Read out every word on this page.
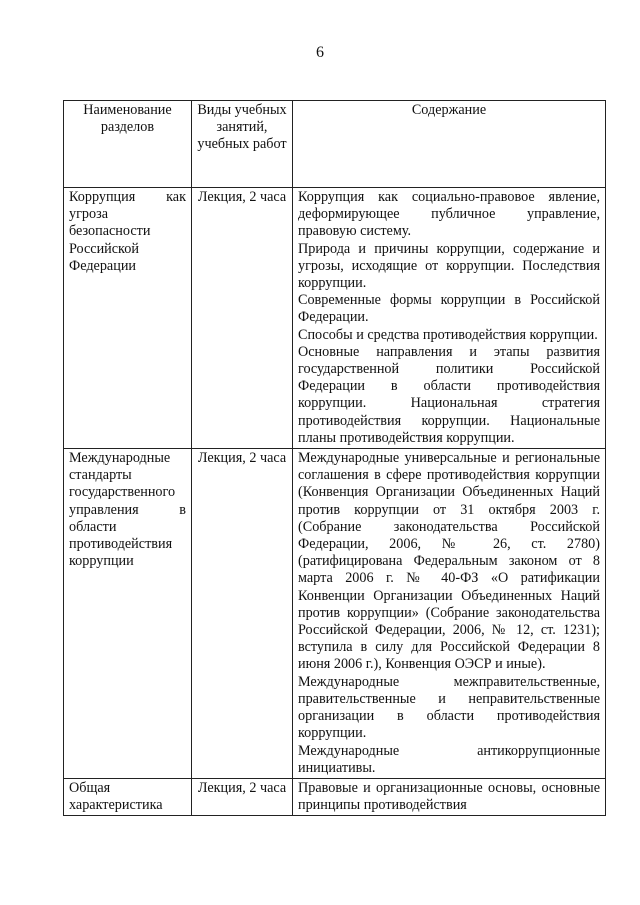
6
Наименование разделов	Виды учебных занятий, учебных работ	Содержание
Коррупция как угроза безопасности Российской Федерации	Лекция, 2 часа	Коррупция как социально-правовое явление, деформирующее публичное управление, правовую систему.

Природа и причины коррупции, содержание и угрозы, исходящие от коррупции. Последствия коррупции.

Современные формы коррупции в Российской Федерации.

Способы и средства противодействия коррупции.

Основные направления и этапы развития государственной политики Российской Федерации в области противодействия коррупции. Национальная стратегия противодействия коррупции. Национальные планы противодействия коррупции.

Международные стандарты государственного управления в области противодействия коррупции	Лекция, 2 часа	Международные универсальные и региональные соглашения в сфере противодействия коррупции (Конвенция Организации Объединенных Наций против коррупции от 31 октября 2003 г. (Собрание законодательства Российской Федерации, 2006, № 26, ст. 2780) (ратифицирована Федеральным законом от 8 марта 2006 г. № 40-ФЗ «О ратификации Конвенции Организации Объединенных Наций против коррупции» (Собрание законодательства Российской Федерации, 2006, № 12, ст. 1231); вступила в силу для Российской Федерации 8 июня 2006 г.), Конвенция ОЭСР и иные).

Международные межправительственные, правительственные и неправительственные организации в области противодействия коррупции.

Международные антикоррупционные инициативы.

Общая характеристика	Лекция, 2 часа	Правовые и организационные основы, основные принципы противодействия
